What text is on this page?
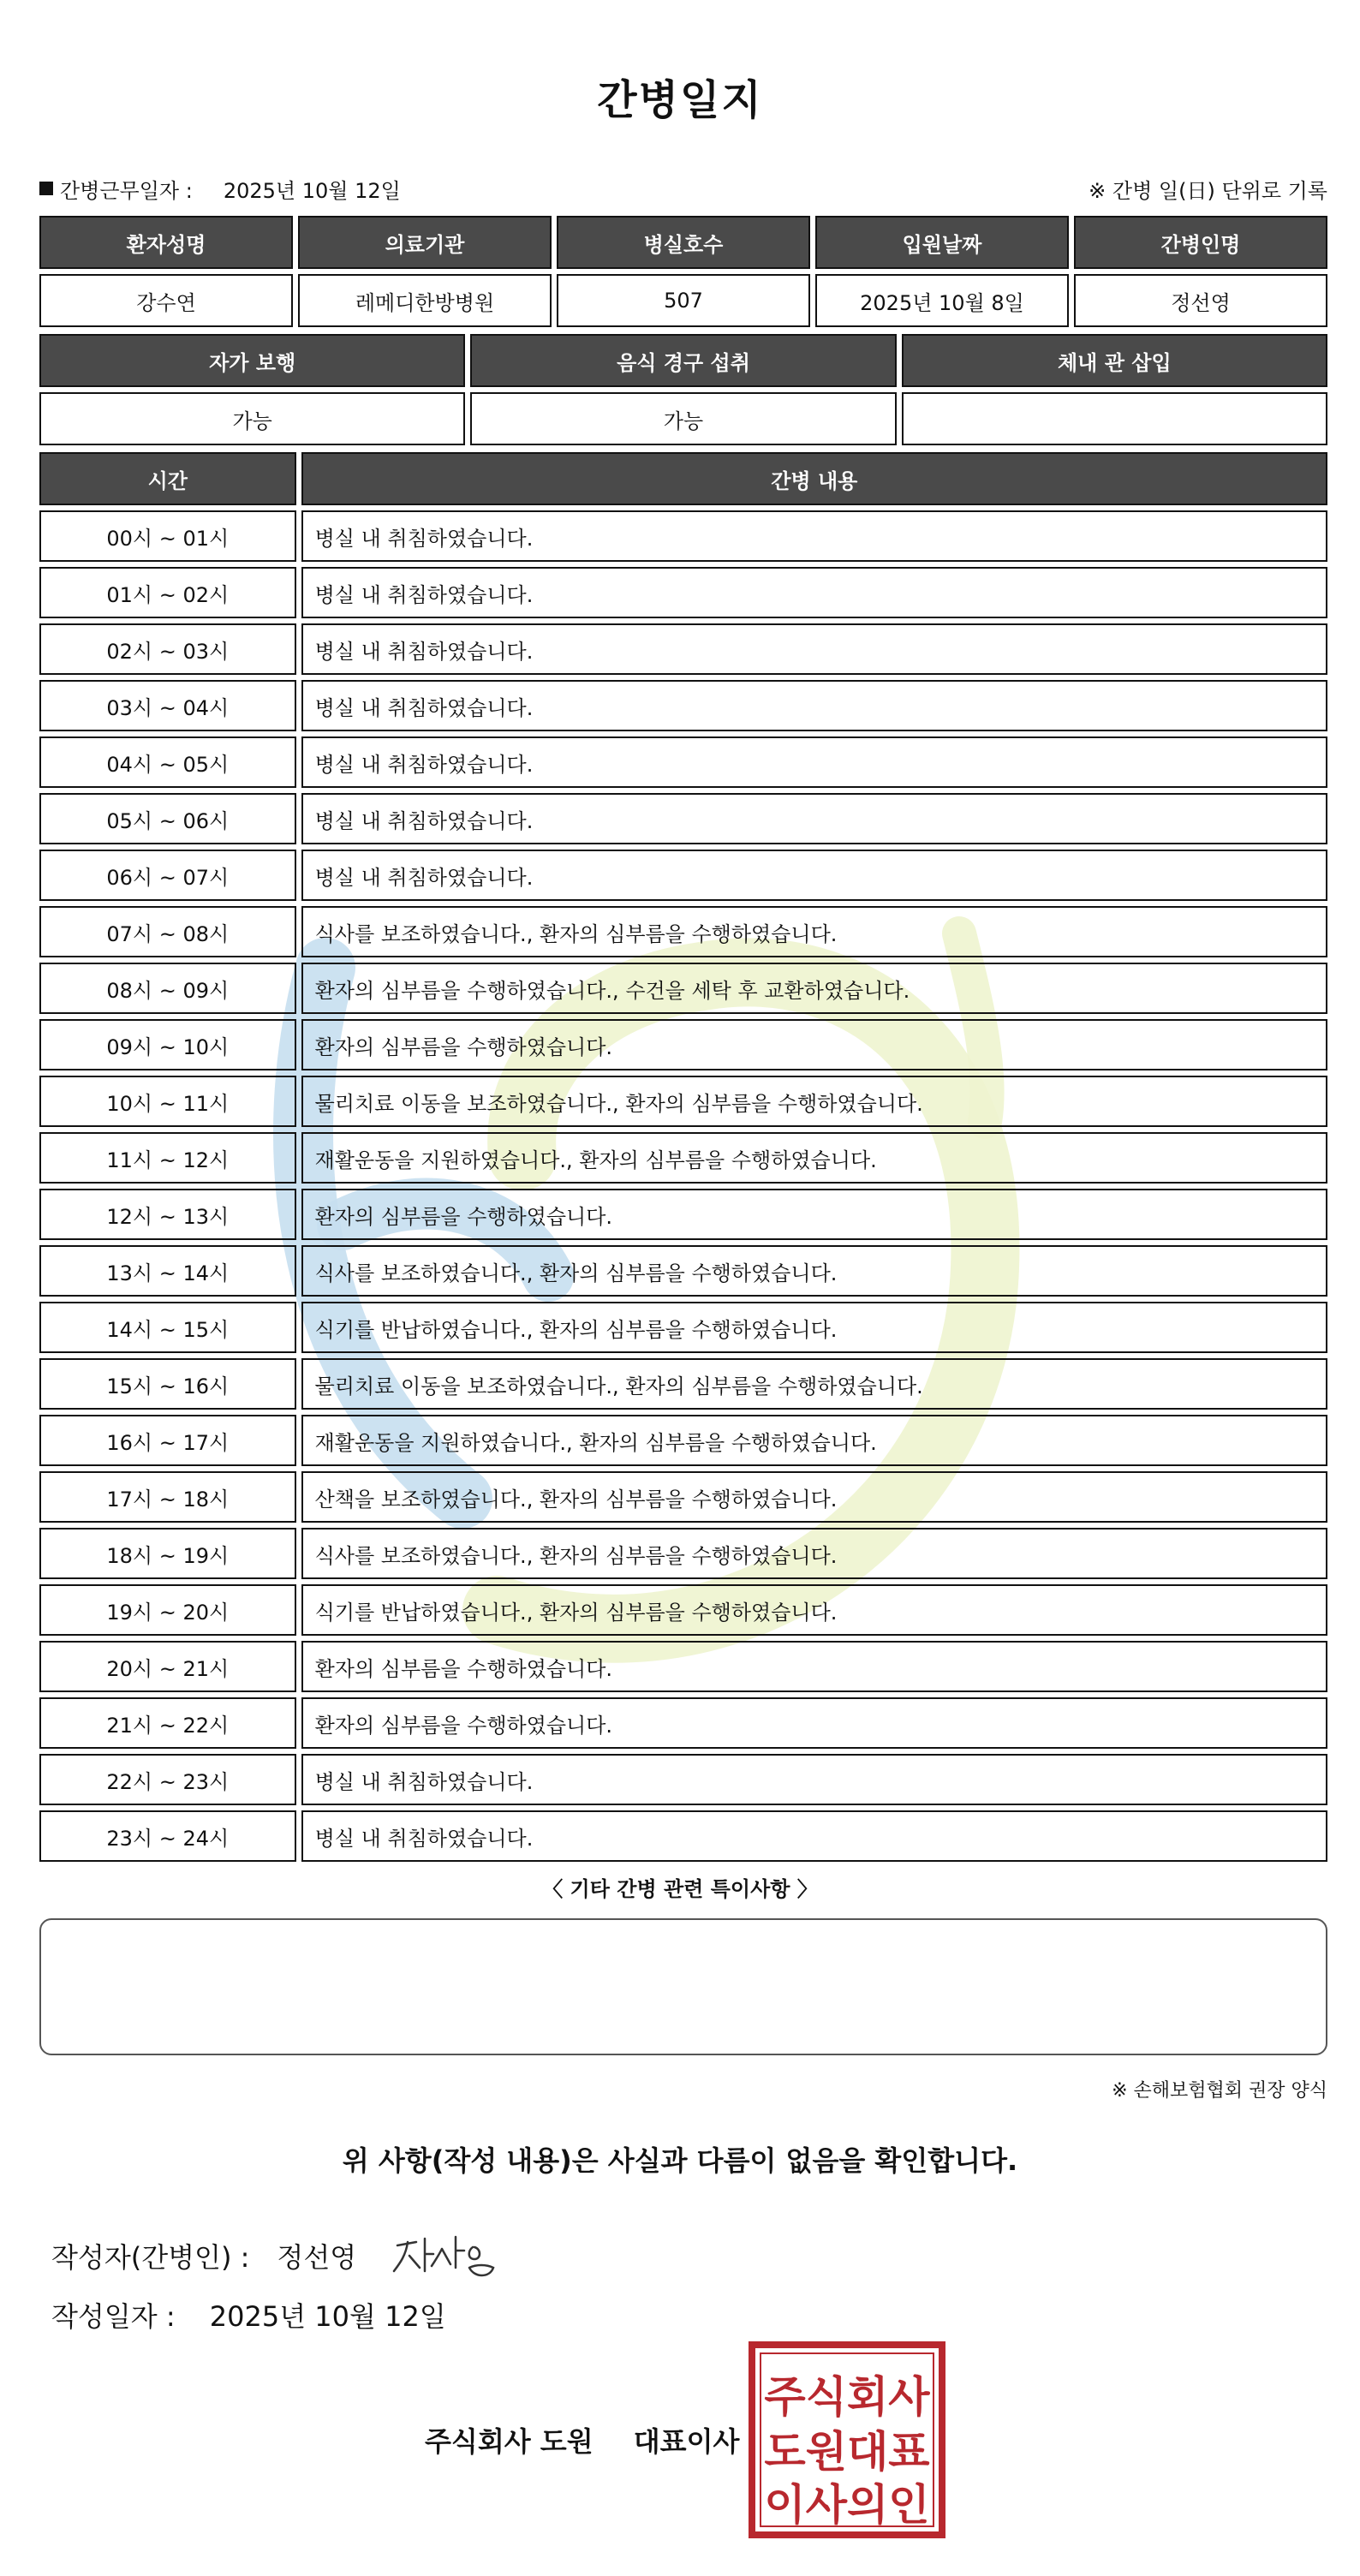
간병일지
간병근무일자 : 2025년 10월 12일	※ 간병 일(日) 단위로 기록
환자성명	의료기관	병실호수	입원날짜	간병인명
강수연	레메디한방병원	507	2025년 10월 8일	정선영
자가 보행	음식 경구 섭취	체내 관 삽입
가능	가능	
시간	간병 내용
00시 ~ 01시	병실 내 취침하였습니다.
01시 ~ 02시	병실 내 취침하였습니다.
02시 ~ 03시	병실 내 취침하였습니다.
03시 ~ 04시	병실 내 취침하였습니다.
04시 ~ 05시	병실 내 취침하였습니다.
05시 ~ 06시	병실 내 취침하였습니다.
06시 ~ 07시	병실 내 취침하였습니다.
07시 ~ 08시	식사를 보조하였습니다., 환자의 심부름을 수행하였습니다.
08시 ~ 09시	환자의 심부름을 수행하였습니다., 수건을 세탁 후 교환하였습니다.
09시 ~ 10시	환자의 심부름을 수행하였습니다.
10시 ~ 11시	물리치료 이동을 보조하였습니다., 환자의 심부름을 수행하였습니다.
11시 ~ 12시	재활운동을 지원하였습니다., 환자의 심부름을 수행하였습니다.
12시 ~ 13시	환자의 심부름을 수행하였습니다.
13시 ~ 14시	식사를 보조하였습니다., 환자의 심부름을 수행하였습니다.
14시 ~ 15시	식기를 반납하였습니다., 환자의 심부름을 수행하였습니다.
15시 ~ 16시	물리치료 이동을 보조하였습니다., 환자의 심부름을 수행하였습니다.
16시 ~ 17시	재활운동을 지원하였습니다., 환자의 심부름을 수행하였습니다.
17시 ~ 18시	산책을 보조하였습니다., 환자의 심부름을 수행하였습니다.
18시 ~ 19시	식사를 보조하였습니다., 환자의 심부름을 수행하였습니다.
19시 ~ 20시	식기를 반납하였습니다., 환자의 심부름을 수행하였습니다.
20시 ~ 21시	환자의 심부름을 수행하였습니다.
21시 ~ 22시	환자의 심부름을 수행하였습니다.
22시 ~ 23시	병실 내 취침하였습니다.
23시 ~ 24시	병실 내 취침하였습니다.
〈 기타 간병 관련 특이사항 〉
※ 손해보험협회 권장 양식
위 사항(작성 내용)은 사실과 다름이 없음을 확인합니다.
작성자(간병인) : 정선영
작성일자 : 2025년 10월 12일
주식회사 도원 대표이사
주식회사
도원대표
이사의인
